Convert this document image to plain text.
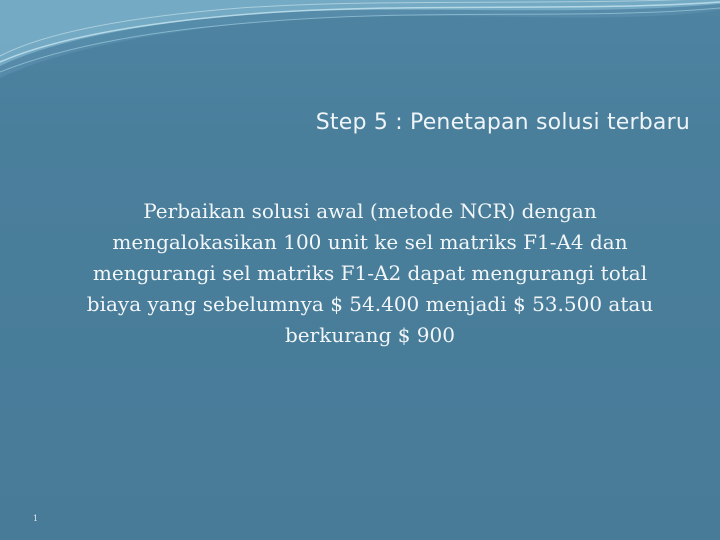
Step 5 : Penetapan solusi terbaru
Perbaikan solusi awal (metode NCR) dengan
mengalokasikan 100 unit ke sel matriks F1-A4 dan
mengurangi sel matriks F1-A2 dapat mengurangi total
biaya yang sebelumnya $ 54.400 menjadi $ 53.500 atau
berkurang $ 900
1
